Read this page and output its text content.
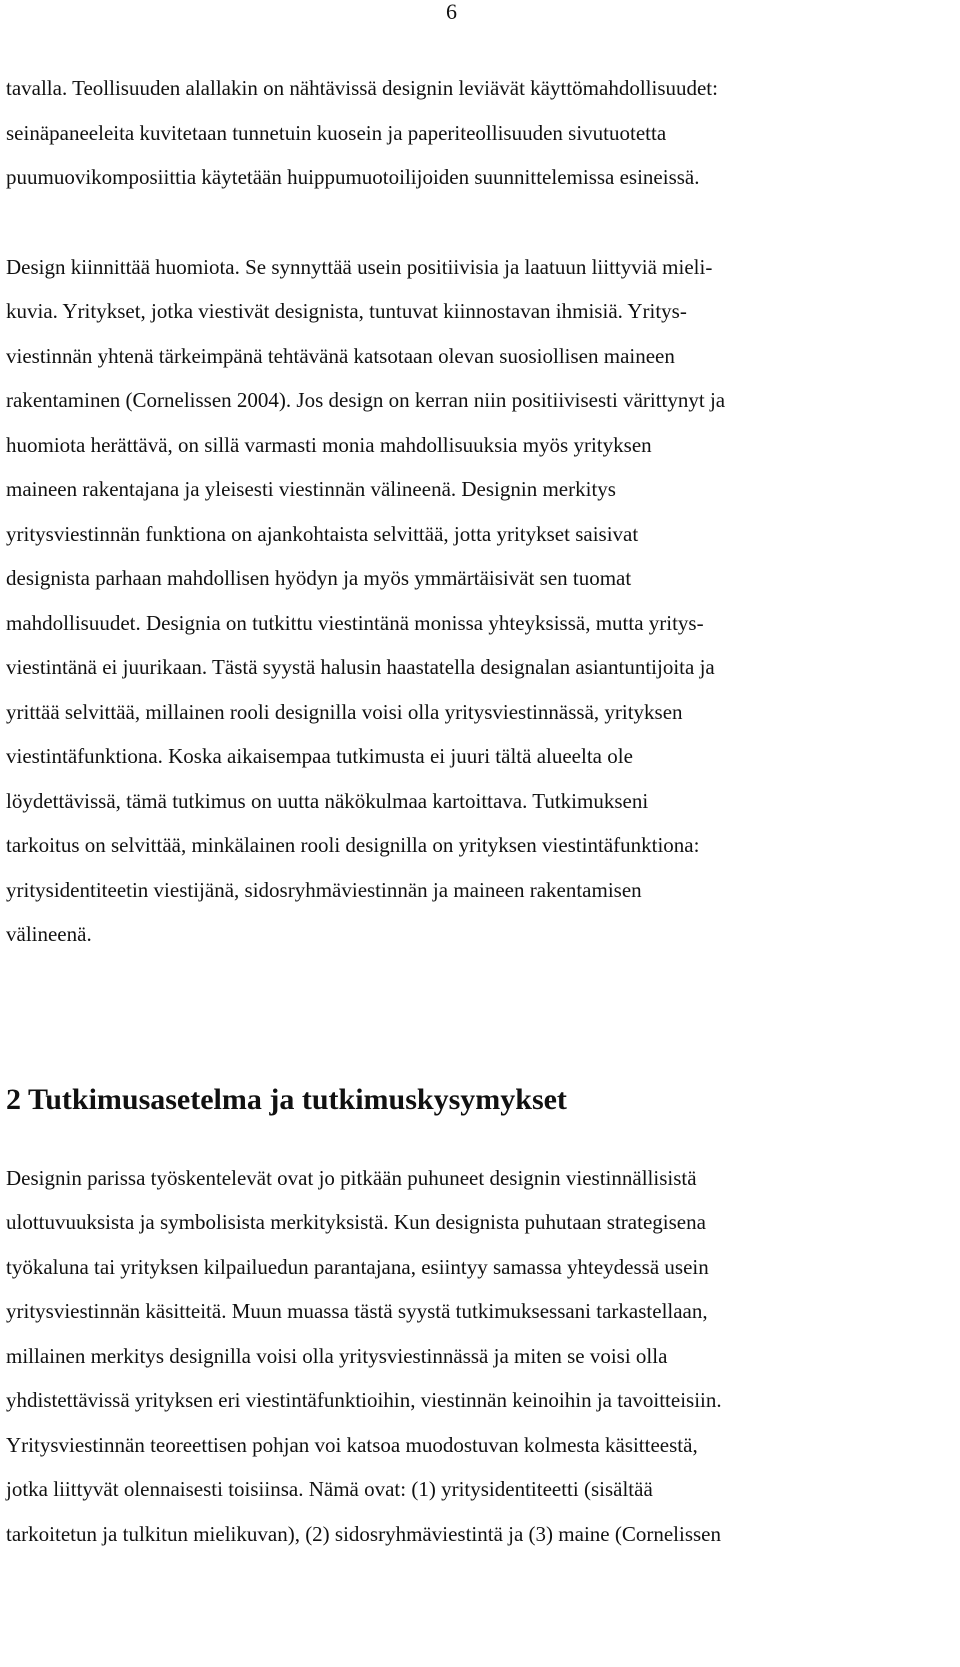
6

tavalla. Teollisuuden alallakin on nähtävissä designin leviävät käyttömahdollisuudet:
seinäpaneeleita kuvitetaan tunnetuin kuosein ja paperiteollisuuden sivutuotetta
puumuovikomposiittia käytetään huippumuotoilijoiden suunnittelemissa esineissä.

Design kiinnittää huomiota. Se synnyttää usein positiivisia ja laatuun liittyviä mieli-
kuvia. Yritykset, jotka viestivät designista, tuntuvat kiinnostavan ihmisiä. Yritys-
viestinnän yhtenä tärkeimpänä tehtävänä katsotaan olevan suosiollisen maineen
rakentaminen (Cornelissen 2004). Jos design on kerran niin positiivisesti värittynyt ja
huomiota herättävä, on sillä varmasti monia mahdollisuuksia myös yrityksen
maineen rakentajana ja yleisesti viestinnän välineenä. Designin merkitys
yritysviestinnän funktiona on ajankohtaista selvittää, jotta yritykset saisivat
designista parhaan mahdollisen hyödyn ja myös ymmärtäisivät sen tuomat
mahdollisuudet. Designia on tutkittu viestintänä monissa yhteyksissä, mutta yritys-
viestintänä ei juurikaan. Tästä syystä halusin haastatella designalan asiantuntijoita ja
yrittää selvittää, millainen rooli designilla voisi olla yritysviestinnässä, yrityksen
viestintäfunktiona. Koska aikaisempaa tutkimusta ei juuri tältä alueelta ole
löydettävissä, tämä tutkimus on uutta näkökulmaa kartoittava. Tutkimukseni
tarkoitus on selvittää, minkälainen rooli designilla on yrityksen viestintäfunktiona:
yritysidentiteetin viestijänä, sidosryhmäviestinnän ja maineen rakentamisen
välineenä.

2 Tutkimusasetelma ja tutkimuskysymykset

Designin parissa työskentelevät ovat jo pitkään puhuneet designin viestinnällisistä
ulottuvuuksista ja symbolisista merkityksistä. Kun designista puhutaan strategisena
työkaluna tai yrityksen kilpailuedun parantajana, esiintyy samassa yhteydessä usein
yritysviestinnän käsitteitä. Muun muassa tästä syystä tutkimuksessani tarkastellaan,
millainen merkitys designilla voisi olla yritysviestinnässä ja miten se voisi olla
yhdistettävissä yrityksen eri viestintäfunktioihin, viestinnän keinoihin ja tavoitteisiin.
Yritysviestinnän teoreettisen pohjan voi katsoa muodostuvan kolmesta käsitteestä,
jotka liittyvät olennaisesti toisiinsa. Nämä ovat: (1) yritysidentiteetti (sisältää
tarkoitetun ja tulkitun mielikuvan), (2) sidosryhmäviestintä ja (3) maine (Cornelissen
